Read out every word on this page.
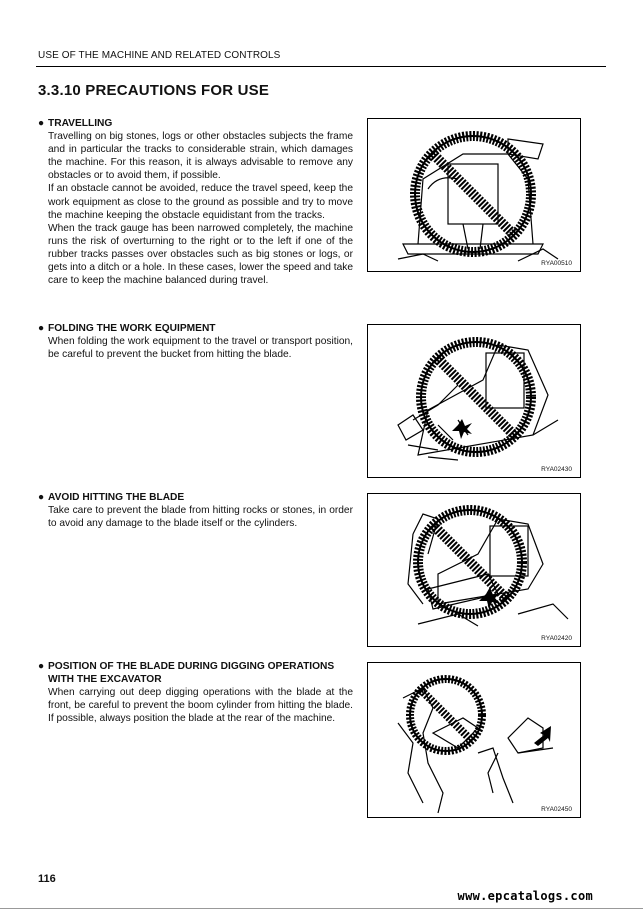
USE OF THE MACHINE AND RELATED CONTROLS
3.3.10 PRECAUTIONS FOR USE
● TRAVELLING

Travelling on big stones, logs or other obstacles subjects the frame and in particular the tracks to considerable strain, which damages the machine. For this reason, it is always advisable to remove any obstacles or to avoid them, if possible.

If an obstacle cannot be avoided, reduce the travel speed, keep the work equipment as close to the ground as possible and try to move the machine keeping the obstacle equidistant from the tracks.

When the track gauge has been narrowed completely, the machine runs the risk of overturning to the right or to the left if one of the rubber tracks passes over obstacles such as big stones or logs, or gets into a ditch or a hole. In these cases, lower the speed and take care to keep the machine balanced during travel.

RYA00510
● FOLDING THE WORK EQUIPMENT

When folding the work equipment to the travel or transport position, be careful to prevent the bucket from hitting the blade.

RYA02430
● AVOID HITTING THE BLADE

Take care to prevent the blade from hitting rocks or stones, in order to avoid any damage to the blade itself or the cylinders.

RYA02420
● POSITION OF THE BLADE DURING DIGGING OPERATIONS

WITH THE EXCAVATOR

When carrying out deep digging operations with the blade at the front, be careful to prevent the boom cylinder from hitting the blade. If possible, always position the blade at the rear of the machine.

RYA02450
116
www.epcatalogs.com
